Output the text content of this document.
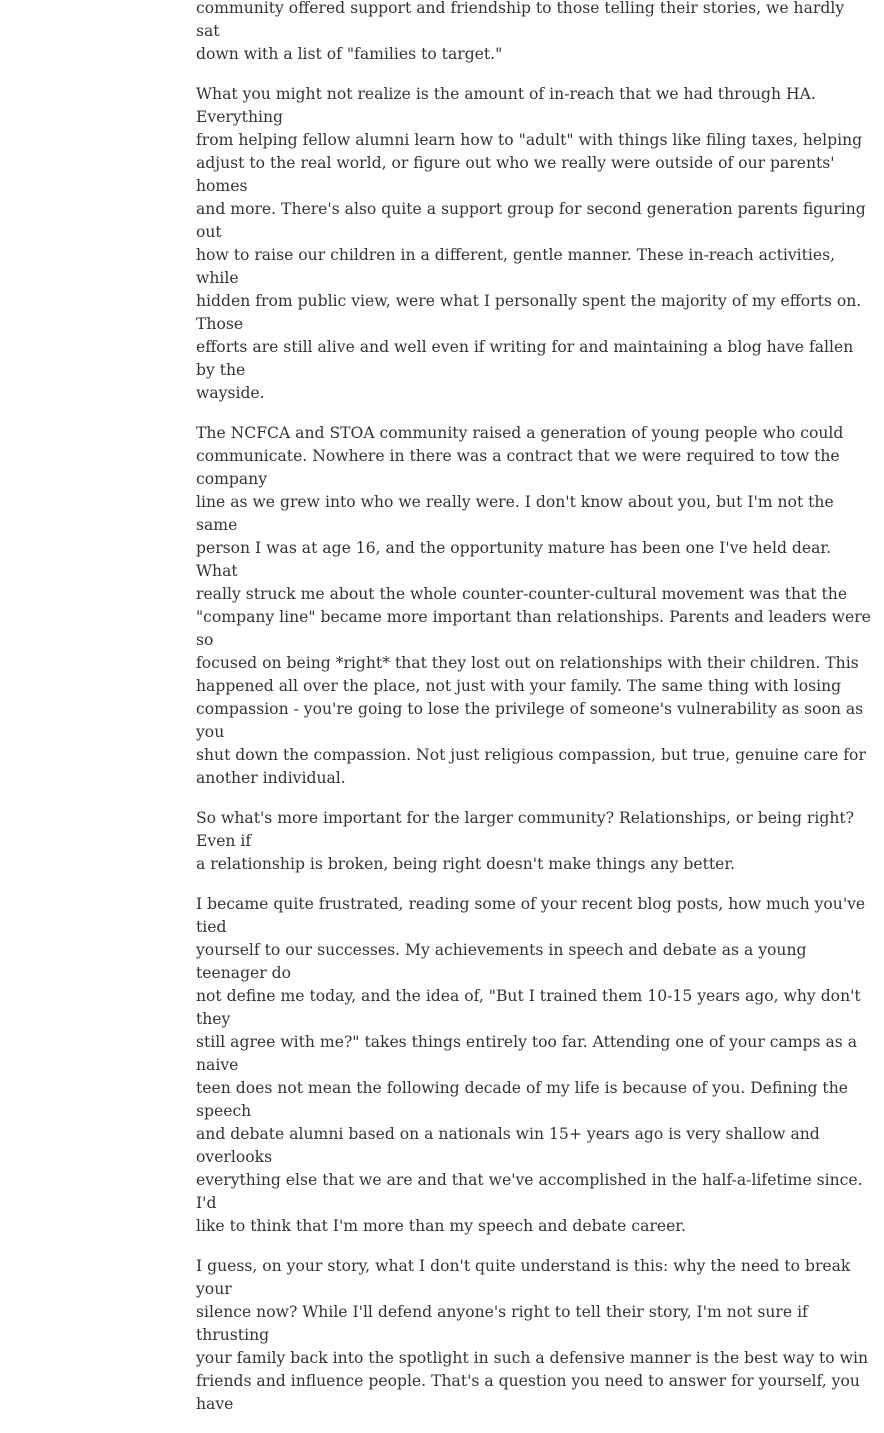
community offered support and friendship to those telling their stories, we hardly sat
down with a list of "families to target."

What you might not realize is the amount of in-reach that we had through HA. Everything
from helping fellow alumni learn how to "adult" with things like filing taxes, helping
adjust to the real world, or figure out who we really were outside of our parents' homes
and more. There's also quite a support group for second generation parents figuring out
how to raise our children in a different, gentle manner. These in-reach activities, while
hidden from public view, were what I personally spent the majority of my efforts on. Those
efforts are still alive and well even if writing for and maintaining a blog have fallen by the
wayside.

The NCFCA and STOA community raised a generation of young people who could
communicate. Nowhere in there was a contract that we were required to tow the company
line as we grew into who we really were. I don't know about you, but I'm not the same
person I was at age 16, and the opportunity mature has been one I've held dear. What
really struck me about the whole counter-counter-cultural movement was that the
"company line" became more important than relationships. Parents and leaders were so
focused on being *right* that they lost out on relationships with their children. This
happened all over the place, not just with your family. The same thing with losing
compassion - you're going to lose the privilege of someone's vulnerability as soon as you
shut down the compassion. Not just religious compassion, but true, genuine care for
another individual.

So what's more important for the larger community? Relationships, or being right? Even if
a relationship is broken, being right doesn't make things any better.

I became quite frustrated, reading some of your recent blog posts, how much you've tied
yourself to our successes. My achievements in speech and debate as a young teenager do
not define me today, and the idea of, "But I trained them 10-15 years ago, why don't they
still agree with me?" takes things entirely too far. Attending one of your camps as a naive
teen does not mean the following decade of my life is because of you. Defining the speech
and debate alumni based on a nationals win 15+ years ago is very shallow and overlooks
everything else that we are and that we've accomplished in the half-a-lifetime since. I'd
like to think that I'm more than my speech and debate career.

I guess, on your story, what I don't quite understand is this: why the need to break your
silence now? While I'll defend anyone's right to tell their story, I'm not sure if thrusting
your family back into the spotlight in such a defensive manner is the best way to win
friends and influence people. That's a question you need to answer for yourself, you have
